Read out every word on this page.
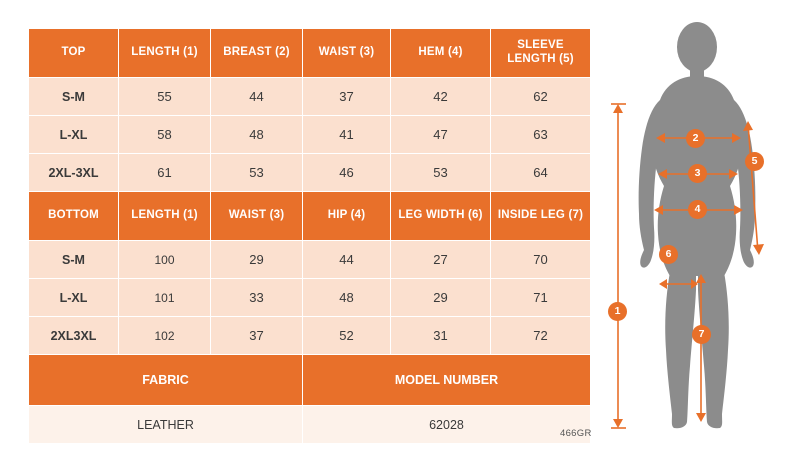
TOP	LENGTH (1)	BREAST (2)	WAIST (3)	HEM (4)	SLEEVE LENGTH (5)
S-M	55	44	37	42	62
L-XL	58	48	41	47	63
2XL-3XL	61	53	46	53	64
BOTTOM	LENGTH (1)	WAIST (3)	HIP (4)	LEG WIDTH (6)	INSIDE LEG (7)
S-M	100	29	44	27	70
L-XL	101	33	48	29	71
2XL3XL	102	37	52	31	72
FABRIC			MODEL NUMBER		
LEATHER			62028		
466GR
1
2
3
4
5
6
7
